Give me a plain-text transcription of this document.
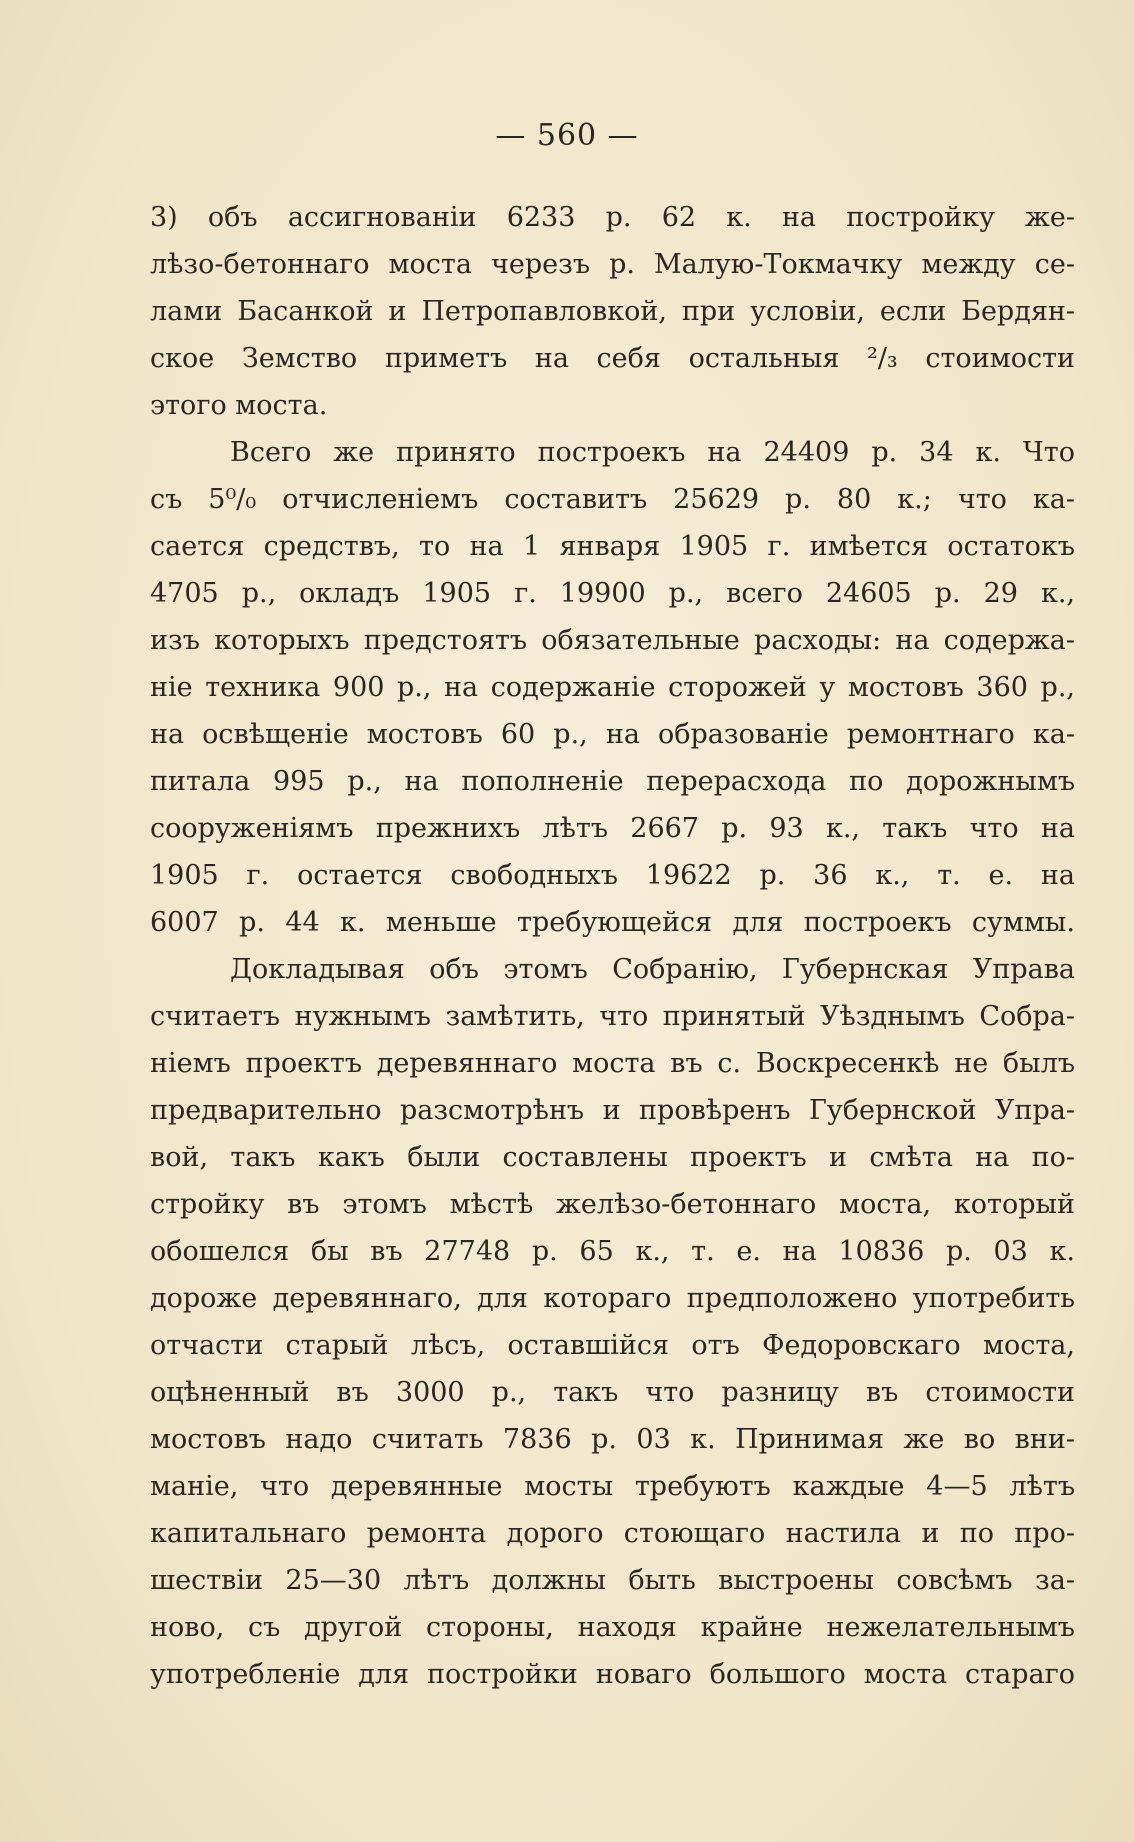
— 560 —
3) объ ассигнованіи 6233 р. 62 к. на постройку же-
лѣзо-бетоннаго моста черезъ р. Малую-Токмачку между се-
лами Басанкой и Петропавловкой, при условіи, если Бердян-
ское Земство приметъ на себя остальныя ²/₃ стоимости
этого моста.
Всего же принято построекъ на 24409 р. 34 к. Что
съ 5⁰/₀ отчисленіемъ составитъ 25629 р. 80 к.; что ка-
сается средствъ, то на 1 января 1905 г. имѣется остатокъ
4705 р., окладъ 1905 г. 19900 р., всего 24605 р. 29 к.,
изъ которыхъ предстоятъ обязательные расходы: на содержа-
ніе техника 900 р., на содержаніе сторожей у мостовъ 360 р.,
на освѣщеніе мостовъ 60 р., на образованіе ремонтнаго ка-
питала 995 р., на пополненіе перерасхода по дорожнымъ
сооруженіямъ прежнихъ лѣтъ 2667 р. 93 к., такъ что на
1905 г. остается свободныхъ 19622 р. 36 к., т. е. на
6007 р. 44 к. меньше требующейся для построекъ суммы.
Докладывая объ этомъ Собранію, Губернская Управа
считаетъ нужнымъ замѣтить, что принятый Уѣзднымъ Собра-
ніемъ проектъ деревяннаго моста въ с. Воскресенкѣ не былъ
предварительно разсмотрѣнъ и провѣренъ Губернской Упра-
вой, такъ какъ были составлены проектъ и смѣта на по-
стройку въ этомъ мѣстѣ желѣзо-бетоннаго моста, который
обошелся бы въ 27748 р. 65 к., т. е. на 10836 р. 03 к.
дороже деревяннаго, для котораго предположено употребить
отчасти старый лѣсъ, оставшійся отъ Федоровскаго моста,
оцѣненный въ 3000 р., такъ что разницу въ стоимости
мостовъ надо считать 7836 р. 03 к. Принимая же во вни-
маніе, что деревянные мосты требуютъ каждые 4—5 лѣтъ
капитальнаго ремонта дорого стоющаго настила и по про-
шествіи 25—30 лѣтъ должны быть выстроены совсѣмъ за-
ново, съ другой стороны, находя крайне нежелательнымъ
употребленіе для постройки новаго большого моста стараго
